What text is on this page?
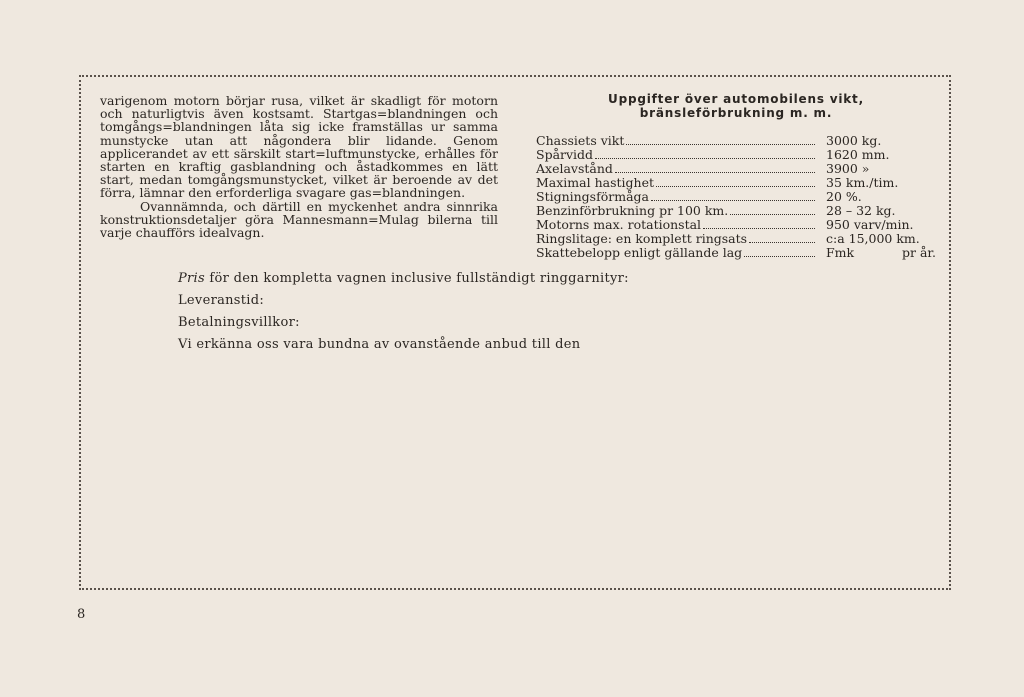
varigenom motorn börjar rusa, vilket är skadligt för motorn och naturligtvis även kostsamt. Startgas=blandningen och tomgångs=blandningen låta sig icke framställas ur samma munstycke utan att någondera blir lidande. Genom applicerandet av ett särskilt start=luftmunstycke, erhålles för starten en kraftig gasblandning och åstadkommes en lätt start, medan tomgångsmunstycket, vilket är beroende av det förra, lämnar den erforderliga svagare gas=blandningen.

Ovannämnda, och därtill en myckenhet andra sinnrika konstruktionsdetaljer göra Mannesmann=Mulag bilerna till varje chaufförs idealvagn.

Uppgifter över automobilens vikt, bränsleförbrukning m. m.
Chassiets vikt	3000 kg.
Spårvidd	1620 mm.
Axelavstånd	3900 »
Maximal hastighet	35 km./tim.
Stigningsförmåga	20 %.
Benzinförbrukning pr 100 km.	28 – 32 kg.
Motorns max. rotationstal	950 varv/min.
Ringslitage: en komplett ringsats	c:a 15,000 km.
Skattebelopp enligt gällande lag	Fmk	pr år.
Pris för den kompletta vagnen inclusive fullständigt ringgarnityr:
Leveranstid:
Betalningsvillkor:
Vi erkänna oss vara bundna av ovanstående anbud till den
8
